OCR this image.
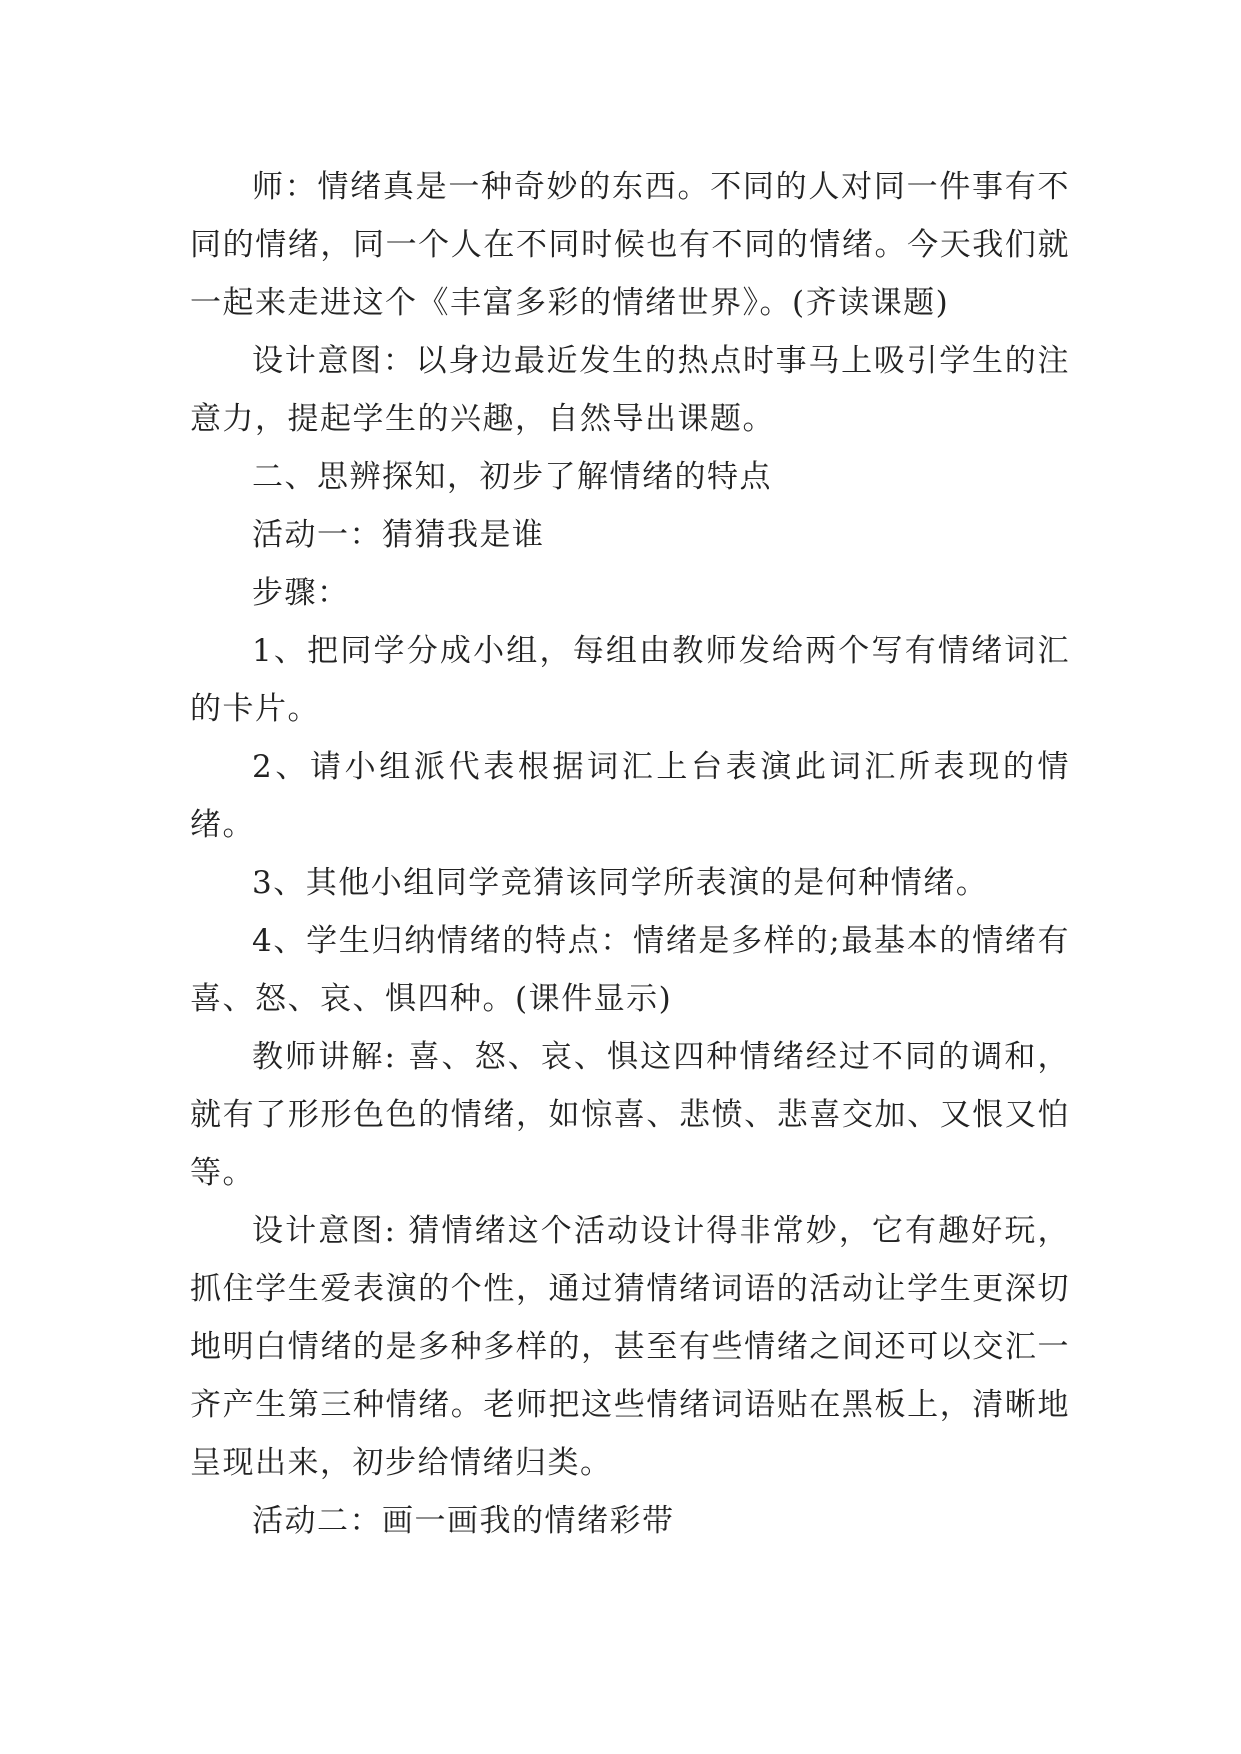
师：情绪真是一种奇妙的东西。不同的人对同一件事有不同的情绪，同一个人在不同时候也有不同的情绪。今天我们就一起来走进这个《丰富多彩的情绪世界》。(齐读课题)

设计意图：以身边最近发生的热点时事马上吸引学生的注意力，提起学生的兴趣，自然导出课题。

二、思辨探知，初步了解情绪的特点

活动一：猜猜我是谁

步骤：

1、把同学分成小组，每组由教师发给两个写有情绪词汇的卡片。

2、请小组派代表根据词汇上台表演此词汇所表现的情绪。

3、其他小组同学竞猜该同学所表演的是何种情绪。

4、学生归纳情绪的特点：情绪是多样的;最基本的情绪有喜、怒、哀、惧四种。(课件显示)

教师讲解: 喜、怒、哀、惧这四种情绪经过不同的调和，就有了形形色色的情绪，如惊喜、悲愤、悲喜交加、又恨又怕等。

设计意图: 猜情绪这个活动设计得非常妙，它有趣好玩，抓住学生爱表演的个性，通过猜情绪词语的活动让学生更深切地明白情绪的是多种多样的，甚至有些情绪之间还可以交汇一齐产生第三种情绪。老师把这些情绪词语贴在黑板上，清晰地呈现出来，初步给情绪归类。

活动二：画一画我的情绪彩带
